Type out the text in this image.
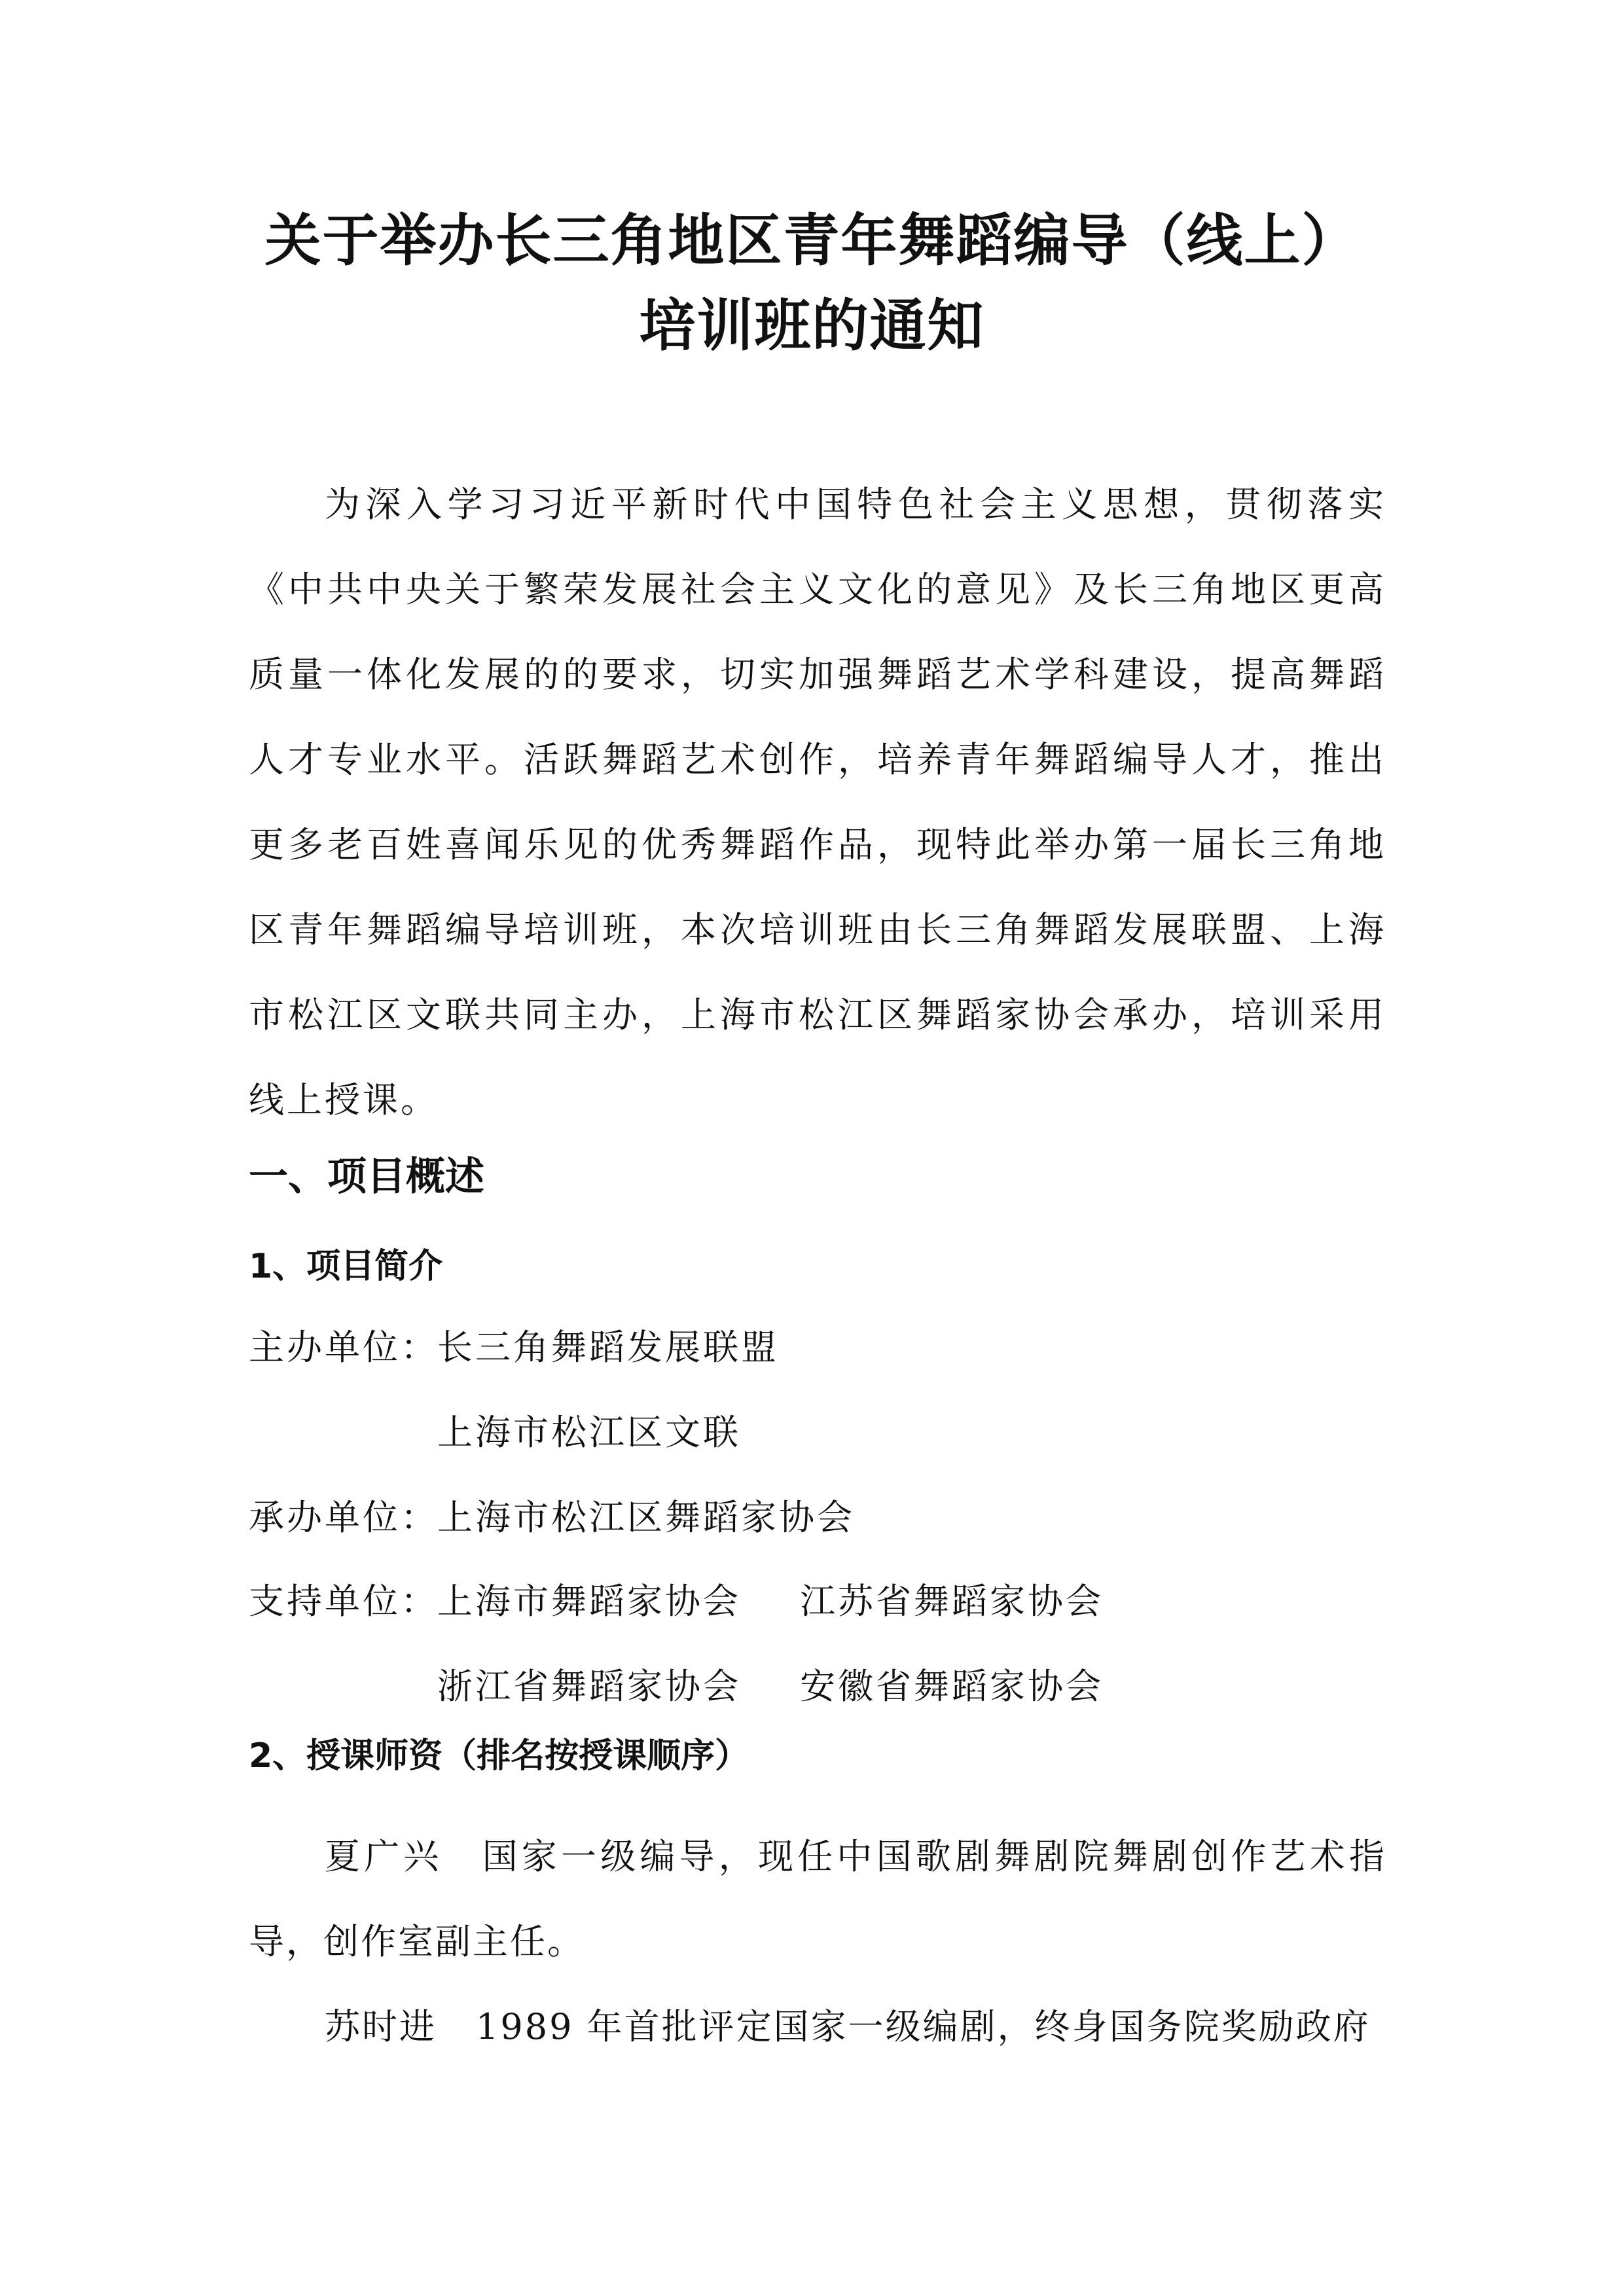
关于举办长三角地区青年舞蹈编导（线上）
培训班的通知

为深入学习习近平新时代中国特色社会主义思想，贯彻落实《中共中央关于繁荣发展社会主义文化的意见》及长三角地区更高质量一体化发展的的要求，切实加强舞蹈艺术学科建设，提高舞蹈人才专业水平。活跃舞蹈艺术创作，培养青年舞蹈编导人才，推出更多老百姓喜闻乐见的优秀舞蹈作品，现特此举办第一届长三角地区青年舞蹈编导培训班，本次培训班由长三角舞蹈发展联盟、上海市松江区文联共同主办，上海市松江区舞蹈家协会承办，培训采用线上授课。

一、项目概述
1、项目简介
主办单位：
长三角舞蹈发展联盟
上海市松江区文联
承办单位：
上海市松江区舞蹈家协会
支持单位：
上海市舞蹈家协会 江苏省舞蹈家协会
浙江省舞蹈家协会 安徽省舞蹈家协会
2、授课师资（排名按授课顺序）

夏广兴 国家一级编导，现任中国歌剧舞剧院舞剧创作艺术指导，创作室副主任。

苏时进 1989 年首批评定国家一级编剧，终身国务院奖励政府
